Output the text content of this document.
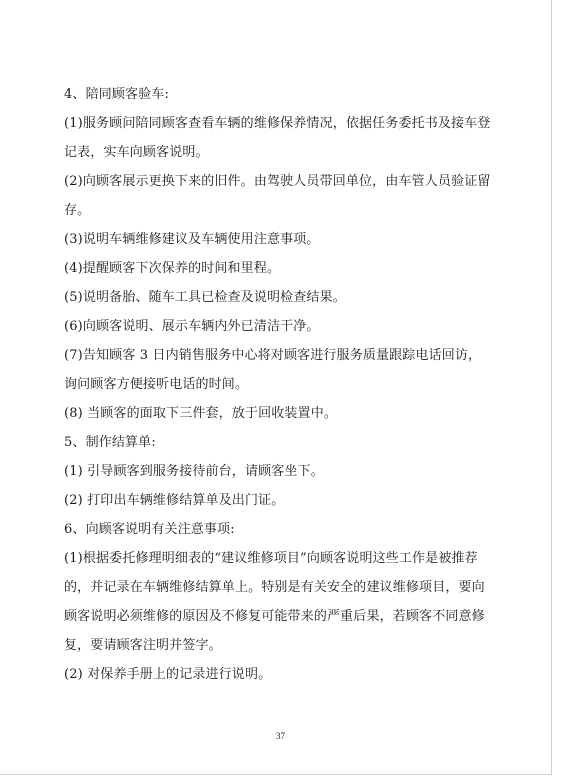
4、陪同顾客验车:
(1)服务顾问陪同顾客查看车辆的维修保养情况，依据任务委托书及接车登
记表，实车向顾客说明。
(2)向顾客展示更换下来的旧件。由驾驶人员带回单位，由车管人员验证留
存。
(3)说明车辆维修建议及车辆使用注意事项。
(4)提醒顾客下次保养的时间和里程。
(5)说明备胎、随车工具已检查及说明检查结果。
(6)向顾客说明、展示车辆内外已清洁干净。
(7)告知顾客 3 日内销售服务中心将对顾客进行服务质量跟踪电话回访，
询问顾客方便接听电话的时间。
(8) 当顾客的面取下三件套，放于回收装置中。
5、制作结算单:
(1) 引导顾客到服务接待前台，请顾客坐下。
(2) 打印出车辆维修结算单及出门证。
6、向顾客说明有关注意事项:
(1)根据委托修理明细表的“建议维修项目”向顾客说明这些工作是被推荐
的，并记录在车辆维修结算单上。特别是有关安全的建议维修项目，要向
顾客说明必须维修的原因及不修复可能带来的严重后果，若顾客不同意修
复，要请顾客注明并签字。
(2) 对保养手册上的记录进行说明。
37
